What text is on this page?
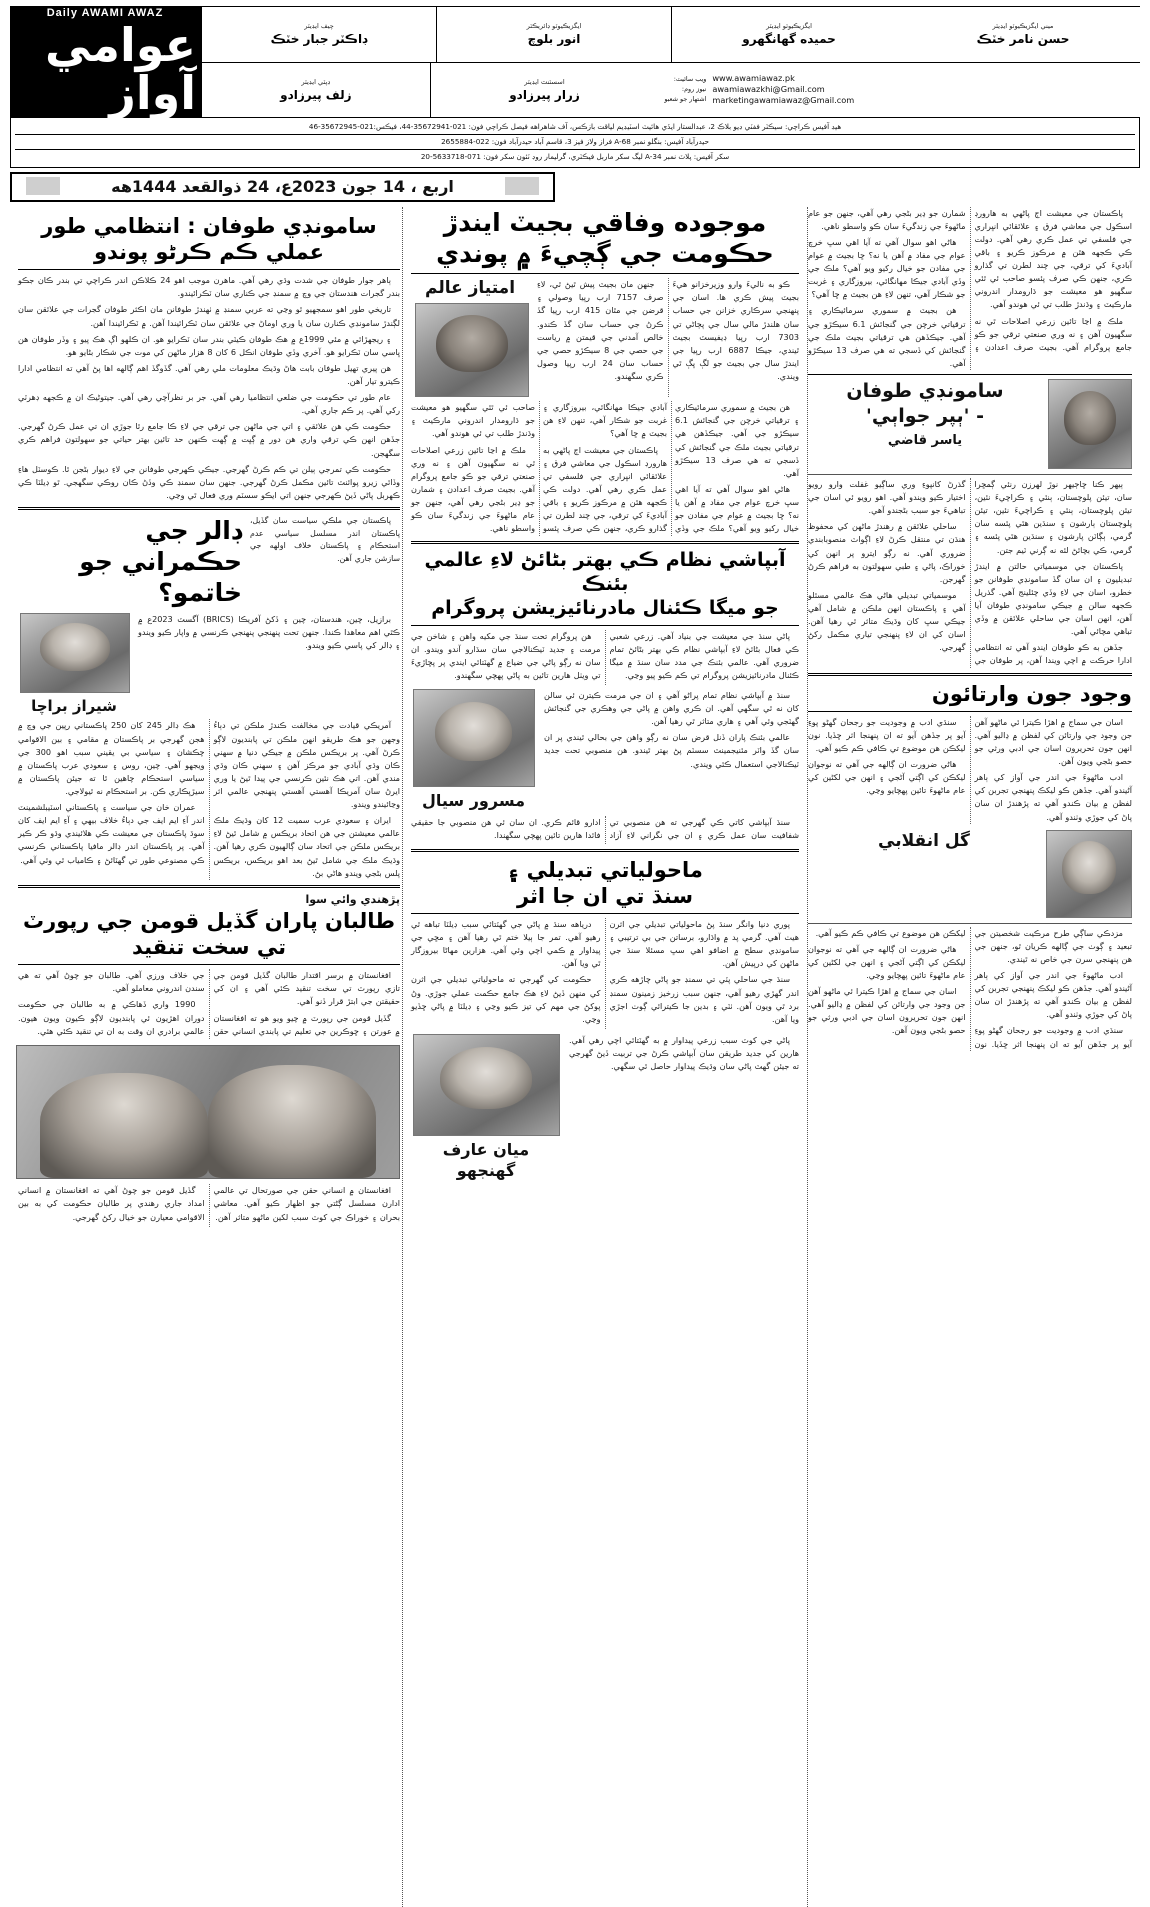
Daily AWAMI AWAZ
عوامي آواز
چيف ايڊيٽر
ڊاڪٽر جبار خٽڪ
ايگزيڪيوٽو ڊائريڪٽر
انور بلوچ
ايگزيڪيوٽو ايڊيٽر
حميده گهانگهرو
ميني ايگزيڪيوٽو ايڊيٽر
حسن نامر خٽڪ
ڊپٽي ايڊيٽر
زلف پيرزادو
اسسٽنٽ ايڊيٽر
زرار پيرزادو
ويب سائيٽ:
نيوز روم:
اشتهار جو شعبو
www.awamiawaz.pk
awamiawazkhi@Gmail.com
marketingawamiawaz@Gmail.com
هيڊ آفيس ڪراچي: سيڪٽر ففٽي ڊيو بلاڪ 2، عبدالستار ايڏي هائيٽ اسٽيڊيم لياقت بازڪس، آف شاهراهه فيصل ڪراچي فون: 021-35672941-44، فيڪس:021-35672945-46
حيدرآباد آفيس: بنگلو نمبر A-68 فراز ولاز فيز 3، قاسم آباد حيدرآباد فون: 022-2655884
سکر آفيس: پلاٽ نمبر A-34 ليگ سکر ماربل فيڪٽري، گرليمار روڊ ٽئون سکر فون: 071-5633718-20
اربع ، 14 جون 2023ع، 24 ذوالقعد 1444هه
سامونڊي طوفان : انتظامي طور عملي ڪم ڪرڻو پوندو

ٻاهر جوار طوفان جي شدت وڌي رهي آهي. ماهرن موجب اهو 24 ڪلاڪن اندر ڪراچي تي بندر ڪان جڪو بندر گجرات هندستان جي وچ ۾ سمنڊ جي ڪناري سان ٽڪرائيندو.

تاريخي طور اهو سمجهيو ٿو وڃي ته عربي سمنڊ ۾ ٺهندڙ طوفانن مان اڪثر طوفان گجرات جي علائقن سان لڳندڙ سامونڊي ڪنارن سان يا وري اوماڻ جي علائقن سان ٽڪرائيندا آهن. ۾ ٽڪرائيندا آهن.

۽ ريجهڙائي ۾ مئي 1999ع ۾ هڪ طوفان ڪيٽي بندر سان ٽڪرايو هو. ان ڪلهو اڳ هڪ پيو ۽ وڏر طوفان هن ڀاسي سان ٽڪرايو هو. آخري وڏي طوفان انڪل 6 کان 8 هزار ماڻهن کي موت جي شڪار بڻايو هو.

هن پيري تهيل طوفان بابت هاڻ وڌيڪ معلومات ملي رهي آهي. گڏوگڏ اهم ڳالهه اها پڻ آهي ته انتظامي ادارا ڪيترو تيار آهن.

عام طور تي حڪومت جي ضلعي انتظاميا رهي آهي. جر بر نظرآچي رهي آهي. جيتوڻيڪ ان ۾ ڪجهه ڊهرٽي رکي آهي. پر ڪم جاري آهي.

حڪومت ڪي هن علائقي ۽ اتي جي ماڻهن جي ترقي جي لاءِ ڪا جامع رٿا جوڙي ان تي عمل ڪرڻ گهرجي. جڏهن انهن ڪي ترقي واري هن دور ۾ ڳڀت ۾ ڳهت ڪنهن حد تائين بهتر حياتي جو سهولتون فراهم ڪري سگهجن.

حڪومت ڪي تمرجي ٻيلن تي ڪم ڪرڻ گهرجي. جيڪي ڪهرجي طوفانن جي لاءِ ديوار بڻجن ٿا. ڪوسٽل هاءِ وڏائي زيرو پوائنٽ تائين مڪمل ڪرڻ گهرجي. جنهن سان سمنڊ ڪي وڏڻ ڪان روڪي سگهجي. ٿو ڊيلٽا ڪي ڪهربل پاڻي ڏيڻ ڪهرجي جنهن اتي ايڪو سسٽم وري فعال ٿي وڃي.

ڊالر جي حڪمراني جو خاتمو؟

پاڪستان جي ملڪي سياست سان گڏيل، پاڪستان اندر مسلسل سياسي عدم استحڪام ۽ پاڪستان خلاف اولهه جي سازشن جاري آهن.

شيراز براچا

برازيل، چين، هندستان، چين ۽ ڏکڻ آفريڪا (BRICS) آگسٽ 2023ع ۾ ڪٿي اهم معاهدا ڪندا. جنهن تحت پنهنجي پنهنجي ڪرنسي ۾ واپار ڪيو ويندو ۽ ڊالر کي پاسي ڪيو ويندو.

آمريڪي قيادت جي مخالفت ڪندڙ ملڪن تي دٻاءُ وجهن جو هڪ طريقو انهن ملڪن تي پابنديون لاڳو ڪرڻ آهي. پر بريڪس ملڪن ۾ جيڪي دنيا ۾ سهني ڪان وڌي آبادي جو مرڪز آهن ۽ سهني ڪان وڌي مندي آهن. اتي هڪ نئين ڪرنسي جي پيدا ٿيڻ يا وري ايرڻ سان آمريڪا آهستي آهستي پنهنجي عالمي اثر وڃائيندو ويندو.

ايران ۽ سعودي عرب سميت 12 کان وڌيڪ ملڪ عالمي معيشتن جي هن اتحاد بريڪس ۾ شامل ٿيڻ لاءِ بريڪس ملڪن جي اتحاد سان ڳالهيون ڪري رهيا آهن. وڌيڪ ملڪ جي شامل ٿيڻ بعد اهو بريڪس، بريڪس پلس بڻجي ويندو هاڻي بڻ.

هڪ ڊالر 245 کان 250 پاڪستاني رپين جي وچ ۾ هجن گهرجي بر پاڪستان ۾ مقامي ۽ بين الاقوامي چڪشان ۽ سياسي بي يقيني سبب اهو 300 جي ويجهو آهي. چين، روس ۽ سعودي عرب پاڪستان ۾ سياسي استحڪام چاهين ٿا ته جيئن پاڪستان ۾ سيڙپڪاري ڪن. بر استحڪام نه ٿيولاجي.

عمران خان جي سياست ۽ پاڪستاني اسٽيبلشمينٽ اندر آءِ ايم ايف جي دٻاءُ خلاف بيهي ۽ آءِ ايم ايف کان سوڌ پاڪستان جي معيشت ڪي هلائيندي وڌو ڪر ڪير آهي. پر پاڪستان اندر ڊالر مافيا پاڪستاني ڪرنسي ڪي مصنوعي طور تي گهٽائڻ ۽ ڪامياب ٿي وئي آهي.

پڙهندي وائي سوا
طالبان پاران گڏيل قومن جي رپورٽ تي سخت تنقيد

افغانستان ۾ برسر اقتدار طالبان گڏيل قومن جي تازي رپورٽ تي سخت تنقيد ڪئي آهي ۽ ان کي حقيقتن جي ابتڙ قرار ڏنو آهي.

گڏيل قومن جي رپورٽ ۾ چيو ويو هو ته افغانستان ۾ عورتن ۽ ڇوڪرين جي تعليم تي پابندي انساني حقن جي خلاف ورزي آهي. طالبان جو چوڻ آهي ته هي سندن اندروني معاملو آهي.

1990 واري ڏهاڪي ۾ به طالبان جي حڪومت دوران اهڙيون ئي پابنديون لاڳو ڪيون ويون هيون. عالمي برادري ان وقت به ان تي تنقيد ڪئي هئي.

افغانستان ۾ انساني حقن جي صورتحال تي عالمي ادارن مسلسل ڳڻتي جو اظهار ڪيو آهي. معاشي بحران ۽ خوراڪ جي کوٽ سبب لکين ماڻهو متاثر آهن.

گڏيل قومن جو چوڻ آهي ته افغانستان ۾ انساني امداد جاري رهندي پر طالبان حڪومت کي به بين الاقوامي معيارن جو خيال رکڻ گهرجي.

موجوده وفاقي بجيٽ ايندڙ حڪومت جي ڳچيءَ ۾ پوندي
امتياز عالم	ڪو به ناليءَ وارو وزيرخزانو هيءَ بجيٽ پيش ڪري ها. اسان جي پنهنجي سرڪاري خزانن جي حساب سان هلندڙ مالي سال جي پڄاڻي تي 7303 ارب رپيا ڊيفيسٽ بجيٽ ٿيندي، جيڪا 6887 ارب رپيا جي ايندڙ سال جي بجيٽ جو لڳ ڀڳ ٿي ويندي.

جنهن مان بجيٽ پيش ٿيڻ ٿي، لاءِ صرف 7157 ارب رپيا وصولي ۽ قرضن جي مٿان 415 ارب رپيا گڏ ڪرڻ جي حساب سان گڏ ڪندو. خالص آمدني جي قيمتن ۾ رياست جي حصي جي 8 سيڪڙو حصي جي حساب سان 24 ارب رپيا وصول ڪري سگهندو.

هن بجيٽ ۾ سموري سرمائيڪاري ۽ ترقياتي خرچن جي گنجائش 6.1 سيڪڙو جي آهي. جيڪڏهن هي ترقياتي بجيٽ ملڪ جي گنجائش کي ڏسجي ته هي صرف 13 سيڪڙو آهي.

هاڻي اهو سوال آهي ته آيا اهي سڀ خرچ عوام جي مفاد ۾ آهن يا نه؟ ڇا بجيٽ ۾ عوام جي مفادن جو خيال رکيو ويو آهي؟ ملڪ جي وڏي آبادي جيڪا مهانگائي، بيروزگاري ۽ غربت جو شڪار آهي، تنهن لاءِ هن بجيٽ ۾ ڇا آهي؟

پاڪستان جي معيشت اڄ پاڻهي به هارورڊ اسڪول جي معاشي فرق ۽ علائقائي انڀراري جي فلسفي تي عمل ڪري رهي آهي. دولت ڪي ڪجهه هٿن ۾ مرڪوز ڪريو ۽ باقي آباديءَ کي ترقي، جي چند لطرن تي گذارو ڪري، جنهن ڪي صرف پئسو صاحب ئي ٿئي سگهيو هو معيشت جو ڌارومدار اندروني مارڪيٽ ۽ وڌندڙ طلب تي ئي هوندو آهي.

ملڪ ۾ اڃا تائين زرعي اصلاحات ٿي نه سگهيون آهن ۽ نه وري صنعتي ترقي جو ڪو جامع پروگرام آهي. بجيٽ صرف اعدادن ۽ شمارن جو ڍير بڻجي رهي آهي، جنهن جو عام ماڻهوءَ جي زندگيءَ سان ڪو واسطو ناهي.

آبپاشي نظام ڪي بهتر بڻائڻ لاءِ عالمي بئنڪ
جو ميگا ڪئنال مادرنائيزيشن پروگرام

پاڻي سنڌ جي معيشت جي بنياد آهي. زرعي شعبي ڪي فعال بڻائڻ لاءِ آبپاشي نظام ڪي بهتر بڻائڻ تمام ضروري آهي. عالمي بئنڪ جي مدد سان سنڌ ۾ ميگا ڪئنال مادرنائيزيشن پروگرام تي ڪم ڪيو پيو وڃي.

هن پروگرام تحت سنڌ جي مکيه واهن ۽ شاخن جي مرمت ۽ جديد ٽيڪنالاجي سان سڌارو آندو ويندو. ان سان نه رڳو پاڻي جي ضياع ۾ گهٽتائي ايندي پر پڇاڙيءَ تي ويٺل هارين تائين به پاڻي پهچي سگهندو.

مسرور سيال

سنڌ ۾ آبپاشي نظام تمام پراڻو آهي ۽ ان جي مرمت ڪيترن ئي سالن کان نه ٿي سگهي آهي. ان ڪري واهن ۾ پاڻي جي وهڪري جي گنجائش گهٽجي وئي آهي ۽ هاري متاثر ٿي رهيا آهن.

عالمي بئنڪ پاران ڏنل قرض سان نه رڳو واهن جي بحالي ٿيندي پر ان سان گڏ واٽر مئنيجمينٽ سسٽم پڻ بهتر ٿيندو. هن منصوبي تحت جديد ٽيڪنالاجي استعمال ڪئي ويندي.

سنڌ آبپاشي کاتي ڪي گهرجي ته هن منصوبي تي شفافيت سان عمل ڪري ۽ ان جي نگراني لاءِ آزاد ادارو قائم ڪري. ان سان ئي هن منصوبي جا حقيقي فائدا هارين تائين پهچي سگهندا.

ماحولياتي تبديلي ۽
سنڌ تي ان جا اثر

پوري دنيا وانگر سنڌ پڻ ماحولياتي تبديلي جي اثرن هيٺ آهي. گرمي پد ۾ واڌارو، برساتن جي بي ترتيبي ۽ سامونڊي سطح ۾ اضافو اهي سڀ مسئلا سنڌ جي ماڻهن کي درپيش آهن.

سنڌ جي ساحلي پٽي تي سمنڊ جو پاڻي چاڙهه ڪري اندر گهڙي رهيو آهي، جنهن سبب زرخيز زمينون سمنڊ برد ٿي ويون آهن. ٺٽي ۽ بدين جا ڪيترائي ڳوٺ اجڙي ويا آهن.

درياهه سنڌ ۾ پاڻي جي گهٽتائي سبب ڊيلٽا تباهه ٿي رهيو آهي. تمر جا ٻيلا ختم ٿي رهيا آهن ۽ مڇي جي پيداوار ۾ ڪمي اچي وئي آهي. هزارين مهاڻا بيروزگار ٿي ويا آهن.

حڪومت کي گهرجي ته ماحولياتي تبديلي جي اثرن کي منهن ڏيڻ لاءِ هڪ جامع حڪمت عملي جوڙي. وڻ پوکڻ جي مهم کي تيز ڪيو وڃي ۽ ڊيلٽا ۾ پاڻي ڇڏيو وڃي.

ميان عارف گهنجهو

پاڻي جي کوٽ سبب زرعي پيداوار ۾ به گهٽتائي اچي رهي آهي. هارين کي جديد طريقن سان آبپاشي ڪرڻ جي تربيت ڏيڻ گهرجي ته جيئن گهٽ پاڻي سان وڌيڪ پيداوار حاصل ٿي سگهي.

پاڪستان جي معيشت اڄ پاڻهي به هارورڊ اسڪول جي معاشي فرق ۽ علائقائي انڀراري جي فلسفي تي عمل ڪري رهي آهي. دولت ڪي ڪجهه هٿن ۾ مرڪوز ڪريو ۽ باقي آباديءَ کي ترقي، جي چند لطرن تي گذارو ڪري، جنهن ڪي صرف پئسو صاحب ئي ٿئي سگهيو هو معيشت جو ڌارومدار اندروني مارڪيٽ ۽ وڌندڙ طلب تي ئي هوندو آهي.

ملڪ ۾ اڃا تائين زرعي اصلاحات ٿي نه سگهيون آهن ۽ نه وري صنعتي ترقي جو ڪو جامع پروگرام آهي. بجيٽ صرف اعدادن ۽ شمارن جو ڍير بڻجي رهي آهي، جنهن جو عام ماڻهوءَ جي زندگيءَ سان ڪو واسطو ناهي.

هاڻي اهو سوال آهي ته آيا اهي سڀ خرچ عوام جي مفاد ۾ آهن يا نه؟ ڇا بجيٽ ۾ عوام جي مفادن جو خيال رکيو ويو آهي؟ ملڪ جي وڏي آبادي جيڪا مهانگائي، بيروزگاري ۽ غربت جو شڪار آهي، تنهن لاءِ هن بجيٽ ۾ ڇا آهي؟

هن بجيٽ ۾ سموري سرمائيڪاري ۽ ترقياتي خرچن جي گنجائش 6.1 سيڪڙو جي آهي. جيڪڏهن هي ترقياتي بجيٽ ملڪ جي گنجائش کي ڏسجي ته هي صرف 13 سيڪڙو آهي.

سامونڊي طوفان
- 'ٻپر جواٻي'
ياسر قاضي

ٻيهر ڪنا ڇاڄيهر نوڙ لهرزن رنئي ڳمڇرا سان، تيئن پلوچستان، ٻنئي ۽ ڪراچيءَ نئين، تيئن پلوچستان، ٻنئي ۽ ڪراچيءَ نئين، تيئن پلوچستان ٻارشون ۽ سنڌين هٿي پئسه سان گرمي، ٻڳاٽن پارشون ۽ سنڌين هٿي پئسه ۽ گرمي، ڪي بچائڻ لئه نه ڳرني ٽيم جتن.

پاڪستان جي موسمياتي حالتن ۾ ايندڙ تبديليون ۽ ان سان گڏ سامونڊي طوفانن جو خطرو، اسان جي لاءِ وڏي چئلينج آهي. گذريل ڪجهه سالن ۾ جيڪي سامونڊي طوفان آيا آهن، انهن اسان جي ساحلي علائقن ۾ وڏي تباهي مچائي آهي.

جڏهن به ڪو طوفان ايندو آهي ته انتظامي ادارا حرڪت ۾ اچي ويندا آهن، پر طوفان جي گذرڻ کانپوءِ وري ساڳيو غفلت وارو رويو اختيار ڪيو ويندو آهي. اهو رويو ئي اسان جي تباهيءَ جو سبب بڻجندو آهي.

ساحلي علائقن ۾ رهندڙ ماڻهن کي محفوظ هنڌن تي منتقل ڪرڻ لاءِ اڳواٽ منصوبابندي ضروري آهي. نه رڳو ايترو پر انهن کي خوراڪ، پاڻي ۽ طبي سهولتون به فراهم ڪرڻ گهرجن.

موسمياتي تبديلي هاڻي هڪ عالمي مسئلو آهي ۽ پاڪستان انهن ملڪن ۾ شامل آهي جيڪي سڀ کان وڌيڪ متاثر ٿي رهيا آهن. اسان کي ان لاءِ پنهنجي تياري مڪمل رکڻ گهرجي.

وجود جون وارتائون

اسان جي سماج ۾ اهڙا ڪيترا ئي ماڻهو آهن جن وجود جي وارتائن کي لفظن ۾ ڍاليو آهي. انهن جون تحريرون اسان جي ادبي ورثي جو حصو بڻجي ويون آهن.

ادب ماڻهوءَ جي اندر جي آواز کي ٻاهر آڻيندو آهي. جڏهن ڪو ليکڪ پنهنجي تجربن کي لفظن ۾ بيان ڪندو آهي ته پڙهندڙ ان سان پاڻ کي جوڙي وٺندو آهي.

سنڌي ادب ۾ وجوديت جو رجحان گهڻو پوءِ آيو پر جڏهن آيو ته ان پنهنجا اثر ڇڏيا. نون ليکڪن هن موضوع تي ڪافي ڪم ڪيو آهي.

هاڻي ضرورت ان ڳالهه جي آهي ته نوجوان ليکڪن کي اڳتي آڻجي ۽ انهن جي لکڻين کي عام ماڻهوءَ تائين پهچايو وڃي.

گل انقلابي

مزدڪي ساڳي طرح مرڪيت شخصيتن جي تبعيد ۽ ڳوٺ جي ڳالهه ڪريان ٿو، جنهن جي هن پنهنجي سرن جي خاص نه ٿيندي.

ادب ماڻهوءَ جي اندر جي آواز کي ٻاهر آڻيندو آهي. جڏهن ڪو ليکڪ پنهنجي تجربن کي لفظن ۾ بيان ڪندو آهي ته پڙهندڙ ان سان پاڻ کي جوڙي وٺندو آهي.

سنڌي ادب ۾ وجوديت جو رجحان گهڻو پوءِ آيو پر جڏهن آيو ته ان پنهنجا اثر ڇڏيا. نون ليکڪن هن موضوع تي ڪافي ڪم ڪيو آهي.

هاڻي ضرورت ان ڳالهه جي آهي ته نوجوان ليکڪن کي اڳتي آڻجي ۽ انهن جي لکڻين کي عام ماڻهوءَ تائين پهچايو وڃي.

اسان جي سماج ۾ اهڙا ڪيترا ئي ماڻهو آهن جن وجود جي وارتائن کي لفظن ۾ ڍاليو آهي. انهن جون تحريرون اسان جي ادبي ورثي جو حصو بڻجي ويون آهن.
